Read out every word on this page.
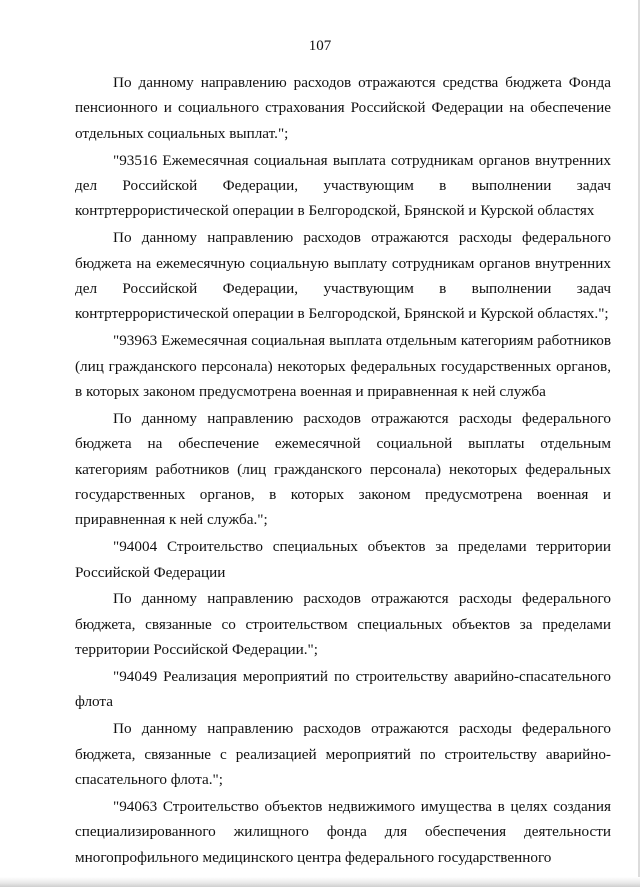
107

По данному направлению расходов отражаются средства бюджета Фонда пенсионного и социального страхования Российской Федерации на обеспечение отдельных социальных выплат.";

"93516 Ежемесячная социальная выплата сотрудникам органов внутренних дел Российской Федерации, участвующим в выполнении задач контртеррористической операции в Белгородской, Брянской и Курской областях

По данному направлению расходов отражаются расходы федерального бюджета на ежемесячную социальную выплату сотрудникам органов внутренних дел Российской Федерации, участвующим в выполнении задач контртеррористической операции в Белгородской, Брянской и Курской областях.";

"93963 Ежемесячная социальная выплата отдельным категориям работников (лиц гражданского персонала) некоторых федеральных государственных органов, в которых законом предусмотрена военная и приравненная к ней служба

По данному направлению расходов отражаются расходы федерального бюджета на обеспечение ежемесячной социальной выплаты отдельным категориям работников (лиц гражданского персонала) некоторых федеральных государственных органов, в которых законом предусмотрена военная и приравненная к ней служба.";

"94004 Строительство специальных объектов за пределами территории Российской Федерации

По данному направлению расходов отражаются расходы федерального бюджета, связанные со строительством специальных объектов за пределами территории Российской Федерации.";

"94049 Реализация мероприятий по строительству аварийно-спасательного флота

По данному направлению расходов отражаются расходы федерального бюджета, связанные с реализацией мероприятий по строительству аварийно-спасательного флота.";

"94063 Строительство объектов недвижимого имущества в целях создания специализированного жилищного фонда для обеспечения деятельности многопрофильного медицинского центра федерального государственного
